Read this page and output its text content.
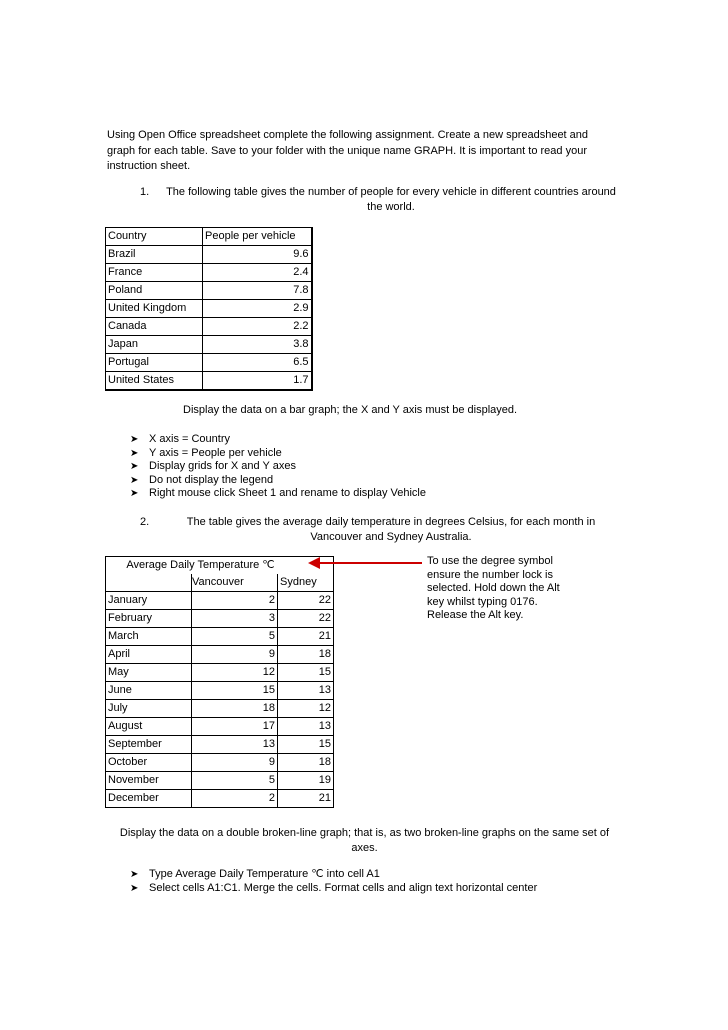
Using Open Office spreadsheet complete the following assignment. Create a new spreadsheet and graph for each table. Save to your folder with the unique name GRAPH. It is important to read your instruction sheet.
1.	The following table gives the number of people for every vehicle in different countries around the world.
Country	People per vehicle
Brazil	9.6
France	2.4
Poland	7.8
United Kingdom	2.9
Canada	2.2
Japan	3.8
Portugal	6.5
United States	1.7
Display the data on a bar graph; the X and Y axis must be displayed.
➤ X axis = Country
➤ Y axis = People per vehicle
➤ Display grids for X and Y axes
➤ Do not display the legend
➤ Right mouse click Sheet 1 and rename to display Vehicle
2.	The table gives the average daily temperature in degrees Celsius, for each month in Vancouver and Sydney Australia.
Average Daily Temperature ℃		
	Vancouver	Sydney
January	2	22
February	3	22
March	5	21
April	9	18
May	12	15
June	15	13
July	18	12
August	17	13
September	13	15
October	9	18
November	5	19
December	2	21
To use the degree symbol ensure the number lock is selected. Hold down the Alt key whilst typing 0176. Release the Alt key.
Display the data on a double broken-line graph; that is, as two broken-line graphs on the same set of axes.
➤ Type Average Daily Temperature ℃ into cell A1
➤ Select cells A1:C1. Merge the cells. Format cells and align text horizontal center
